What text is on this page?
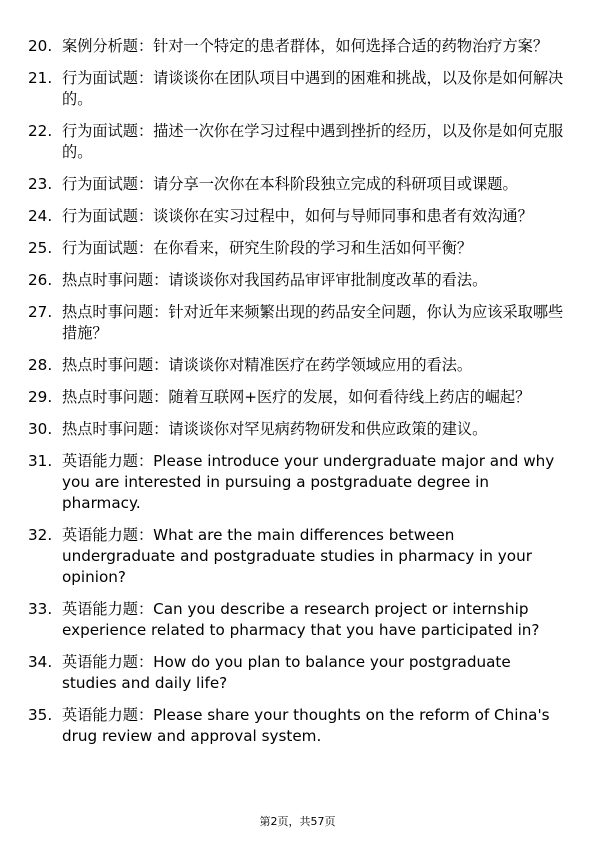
20. 案例分析题：针对一个特定的患者群体，如何选择合适的药物治疗方案？
21. 行为面试题：请谈谈你在团队项目中遇到的困难和挑战，以及你是如何解决的。
22. 行为面试题：描述一次你在学习过程中遇到挫折的经历，以及你是如何克服的。
23. 行为面试题：请分享一次你在本科阶段独立完成的科研项目或课题。
24. 行为面试题：谈谈你在实习过程中，如何与导师同事和患者有效沟通？
25. 行为面试题：在你看来，研究生阶段的学习和生活如何平衡？
26. 热点时事问题：请谈谈你对我国药品审评审批制度改革的看法。
27. 热点时事问题：针对近年来频繁出现的药品安全问题，你认为应该采取哪些措施？
28. 热点时事问题：请谈谈你对精准医疗在药学领域应用的看法。
29. 热点时事问题：随着互联网+医疗的发展，如何看待线上药店的崛起？
30. 热点时事问题：请谈谈你对罕见病药物研发和供应政策的建议。
31. 英语能力题：Please introduce your undergraduate major and why you are interested in pursuing a postgraduate degree in pharmacy.
32. 英语能力题：What are the main differences between undergraduate and postgraduate studies in pharmacy in your opinion?
33. 英语能力题：Can you describe a research project or internship experience related to pharmacy that you have participated in?
34. 英语能力题：How do you plan to balance your postgraduate studies and daily life?
35. 英语能力题：Please share your thoughts on the reform of China's drug review and approval system.
第2页，共57页
